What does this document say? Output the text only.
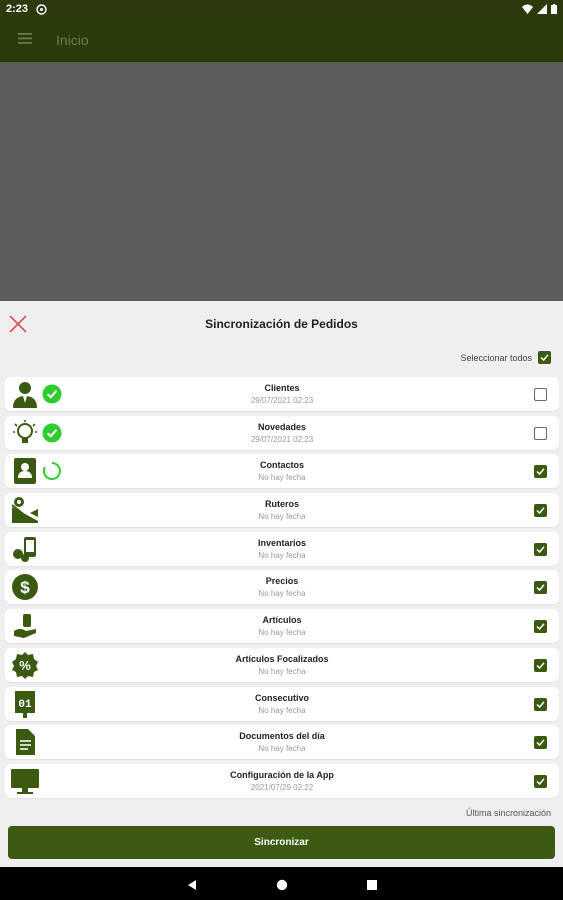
2:23
Inicio
Sincronización de Pedidos
Seleccionar todos
Clientes
29/07/2021 02:23
Novedades
29/07/2021 02:23
Contactos
No hay fecha
Ruteros
No hay fecha
Inventarios
No hay fecha
$	Precios
No hay fecha
Artículos
No hay fecha
%	Artículos Focalizados
No hay fecha
01
Consecutivo
No hay fecha
Documentos del día
No hay fecha
Configuración de la App
2021/07/29 02:22
Última sincronización
Sincronizar
